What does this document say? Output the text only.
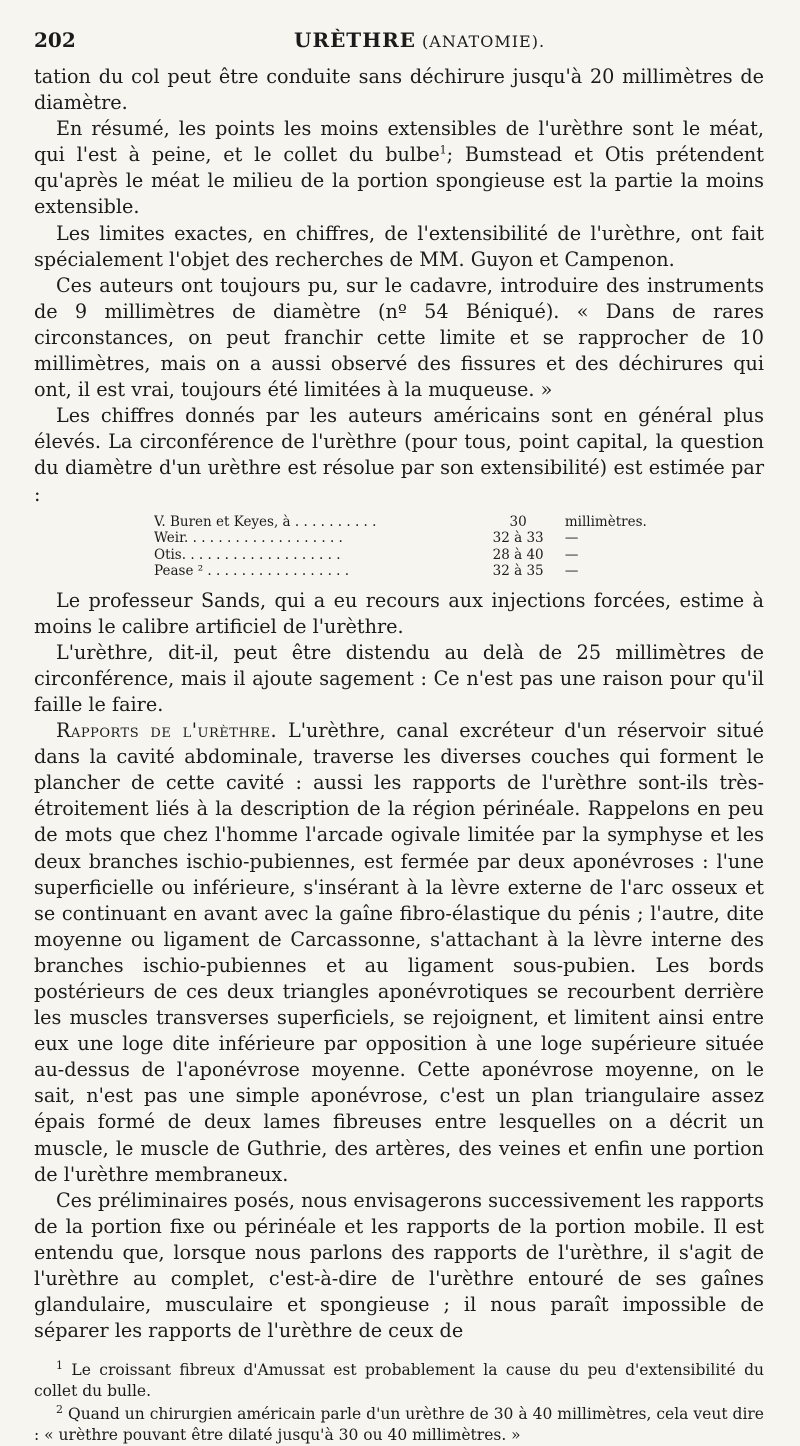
202	URÈTHRE (ANATOMIE).

tation du col peut être conduite sans déchirure jusqu'à 20 millimètres de diamètre.

En résumé, les points les moins extensibles de l'urèthre sont le méat, qui l'est à peine, et le collet du bulbe$^1$; Bumstead et Otis prétendent qu'après le méat le milieu de la portion spongieuse est la partie la moins extensible.

Les limites exactes, en chiffres, de l'extensibilité de l'urèthre, ont fait spécialement l'objet des recherches de MM. Guyon et Campenon.

Ces auteurs ont toujours pu, sur le cadavre, introduire des instruments de 9 millimètres de diamètre (nº 54 Béniqué). « Dans de rares circonstances, on peut franchir cette limite et se rapprocher de 10 millimètres, mais on a aussi observé des fissures et des déchirures qui ont, il est vrai, toujours été limitées à la muqueuse. »

Les chiffres donnés par les auteurs américains sont en général plus élevés. La circonférence de l'urèthre (pour tous, point capital, la question du diamètre d'un urèthre est résolue par son extensibilité) est estimée par :

V. Buren et Keyes, à . . . . . . . . . .	30	millimètres.
Weir. . . . . . . . . . . . . . . . . . .	32 à 33	—
Otis. . . . . . . . . . . . . . . . . . .	28 à 40	—
Pease ² . . . . . . . . . . . . . . . . .	32 à 35	—

Le professeur Sands, qui a eu recours aux injections forcées, estime à moins le calibre artificiel de l'urèthre.

L'urèthre, dit-il, peut être distendu au delà de 25 millimètres de circonférence, mais il ajoute sagement : Ce n'est pas une raison pour qu'il faille le faire.

Rapports de l'urèthre. L'urèthre, canal excréteur d'un réservoir situé dans la cavité abdominale, traverse les diverses couches qui forment le plancher de cette cavité : aussi les rapports de l'urèthre sont-ils très-étroitement liés à la description de la région périnéale. Rappelons en peu de mots que chez l'homme l'arcade ogivale limitée par la symphyse et les deux branches ischio-pubiennes, est fermée par deux aponévroses : l'une superficielle ou inférieure, s'insérant à la lèvre externe de l'arc osseux et se continuant en avant avec la gaîne fibro-élastique du pénis ; l'autre, dite moyenne ou ligament de Carcassonne, s'attachant à la lèvre interne des branches ischio-pubiennes et au ligament sous-pubien. Les bords postérieurs de ces deux triangles aponévrotiques se recourbent derrière les muscles transverses superficiels, se rejoignent, et limitent ainsi entre eux une loge dite inférieure par opposition à une loge supérieure située au-dessus de l'aponévrose moyenne. Cette aponévrose moyenne, on le sait, n'est pas une simple aponévrose, c'est un plan triangulaire assez épais formé de deux lames fibreuses entre lesquelles on a décrit un muscle, le muscle de Guthrie, des artères, des veines et enfin une portion de l'urèthre membraneux.

Ces préliminaires posés, nous envisagerons successivement les rapports de la portion fixe ou périnéale et les rapports de la portion mobile. Il est entendu que, lorsque nous parlons des rapports de l'urèthre, il s'agit de l'urèthre au complet, c'est-à-dire de l'urèthre entouré de ses gaînes glandulaire, musculaire et spongieuse ; il nous paraît impossible de séparer les rapports de l'urèthre de ceux de

$^1$ Le croissant fibreux d'Amussat est probablement la cause du peu d'extensibilité du collet du bulle.

$^2$ Quand un chirurgien américain parle d'un urèthre de 30 à 40 millimètres, cela veut dire : « urèthre pouvant être dilaté jusqu'à 30 ou 40 millimètres. »
